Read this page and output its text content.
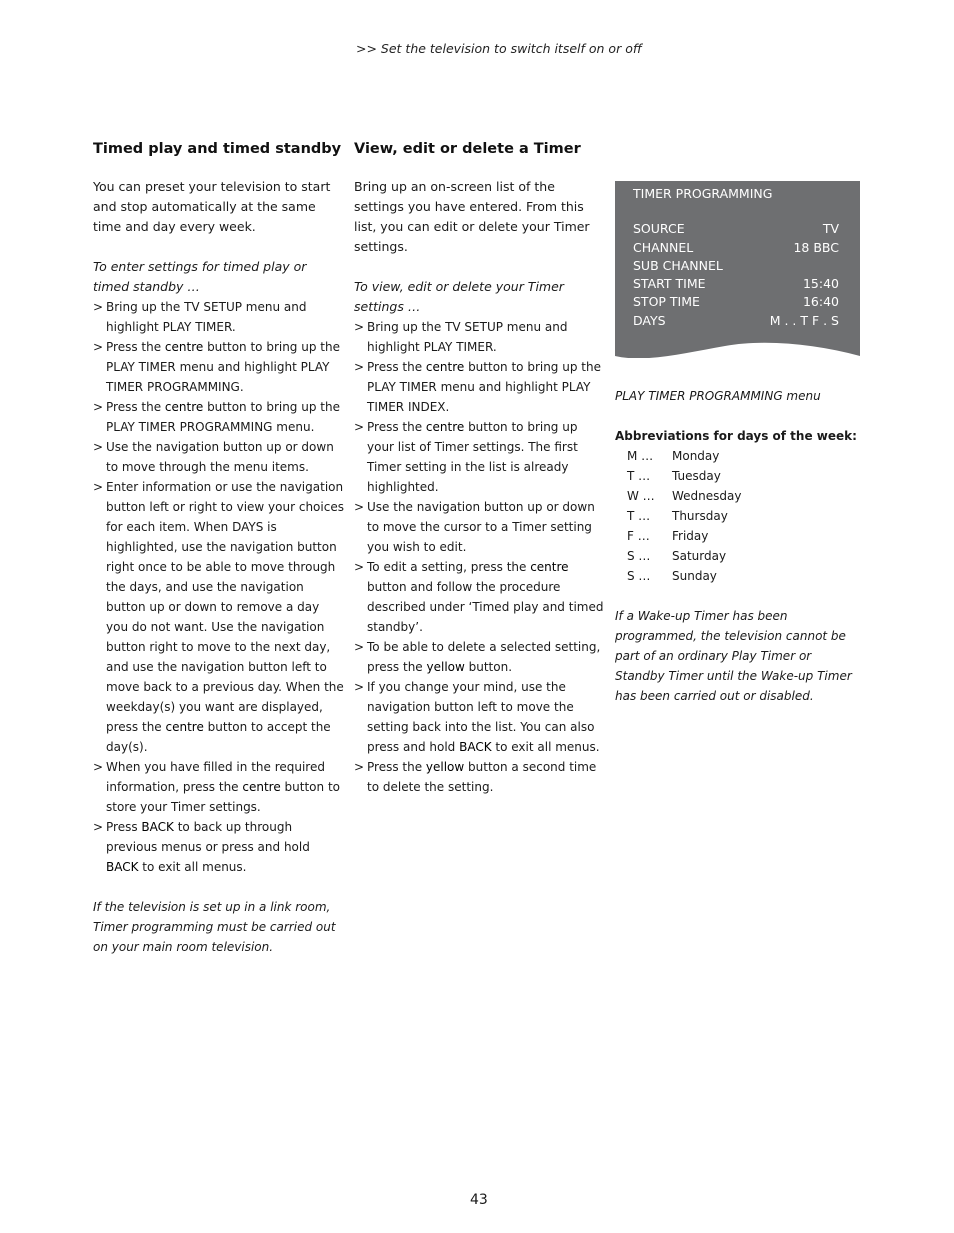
>> Set the television to switch itself on or off
Timed play and timed standby

You can preset your television to start and stop automatically at the same time and day every week.

To enter settings for timed play or timed standby …

> Bring up the TV SETUP menu and highlight PLAY TIMER.
> Press the centre button to bring up the PLAY TIMER menu and highlight PLAY TIMER PROGRAMMING.
> Press the centre button to bring up the PLAY TIMER PROGRAMMING menu.
> Use the navigation button up or down to move through the menu items.
> Enter information or use the navigation button left or right to view your choices for each item. When DAYS is highlighted, use the navigation button right once to be able to move through the days, and use the navigation button up or down to remove a day you do not want. Use the navigation button right to move to the next day, and use the navigation button left to move back to a previous day. When the weekday(s) you want are displayed, press the centre button to accept the day(s).
> When you have filled in the required information, press the centre button to store your Timer settings.
> Press BACK to back up through previous menus or press and hold BACK to exit all menus.

If the television is set up in a link room, Timer programming must be carried out on your main room television.

View, edit or delete a Timer

Bring up an on-screen list of the settings you have entered. From this list, you can edit or delete your Timer settings.

To view, edit or delete your Timer settings …

> Bring up the TV SETUP menu and highlight PLAY TIMER.
> Press the centre button to bring up the PLAY TIMER menu and highlight PLAY TIMER INDEX.
> Press the centre button to bring up your list of Timer settings. The first Timer setting in the list is already highlighted.
> Use the navigation button up or down to move the cursor to a Timer setting you wish to edit.
> To edit a setting, press the centre button and follow the procedure described under ‘Timed play and timed standby’.
> To be able to delete a selected setting, press the yellow button.
> If you change your mind, use the navigation button left to move the setting back into the list. You can also press and hold BACK to exit all menus.
> Press the yellow button a second time to delete the setting.
TIMER PROGRAMMING
SOURCE	TV
CHANNEL	18 BBC
SUB CHANNEL
START TIME	15:40
STOP TIME	16:40
DAYS	M . . T F . S

PLAY TIMER PROGRAMMING menu

Abbreviations for days of the week:

M …	Monday
T …	Tuesday
W …	Wednesday
T …	Thursday
F …	Friday
S …	Saturday
S …	Sunday

If a Wake-up Timer has been programmed, the television cannot be part of an ordinary Play Timer or Standby Timer until the Wake-up Timer has been carried out or disabled.

43
